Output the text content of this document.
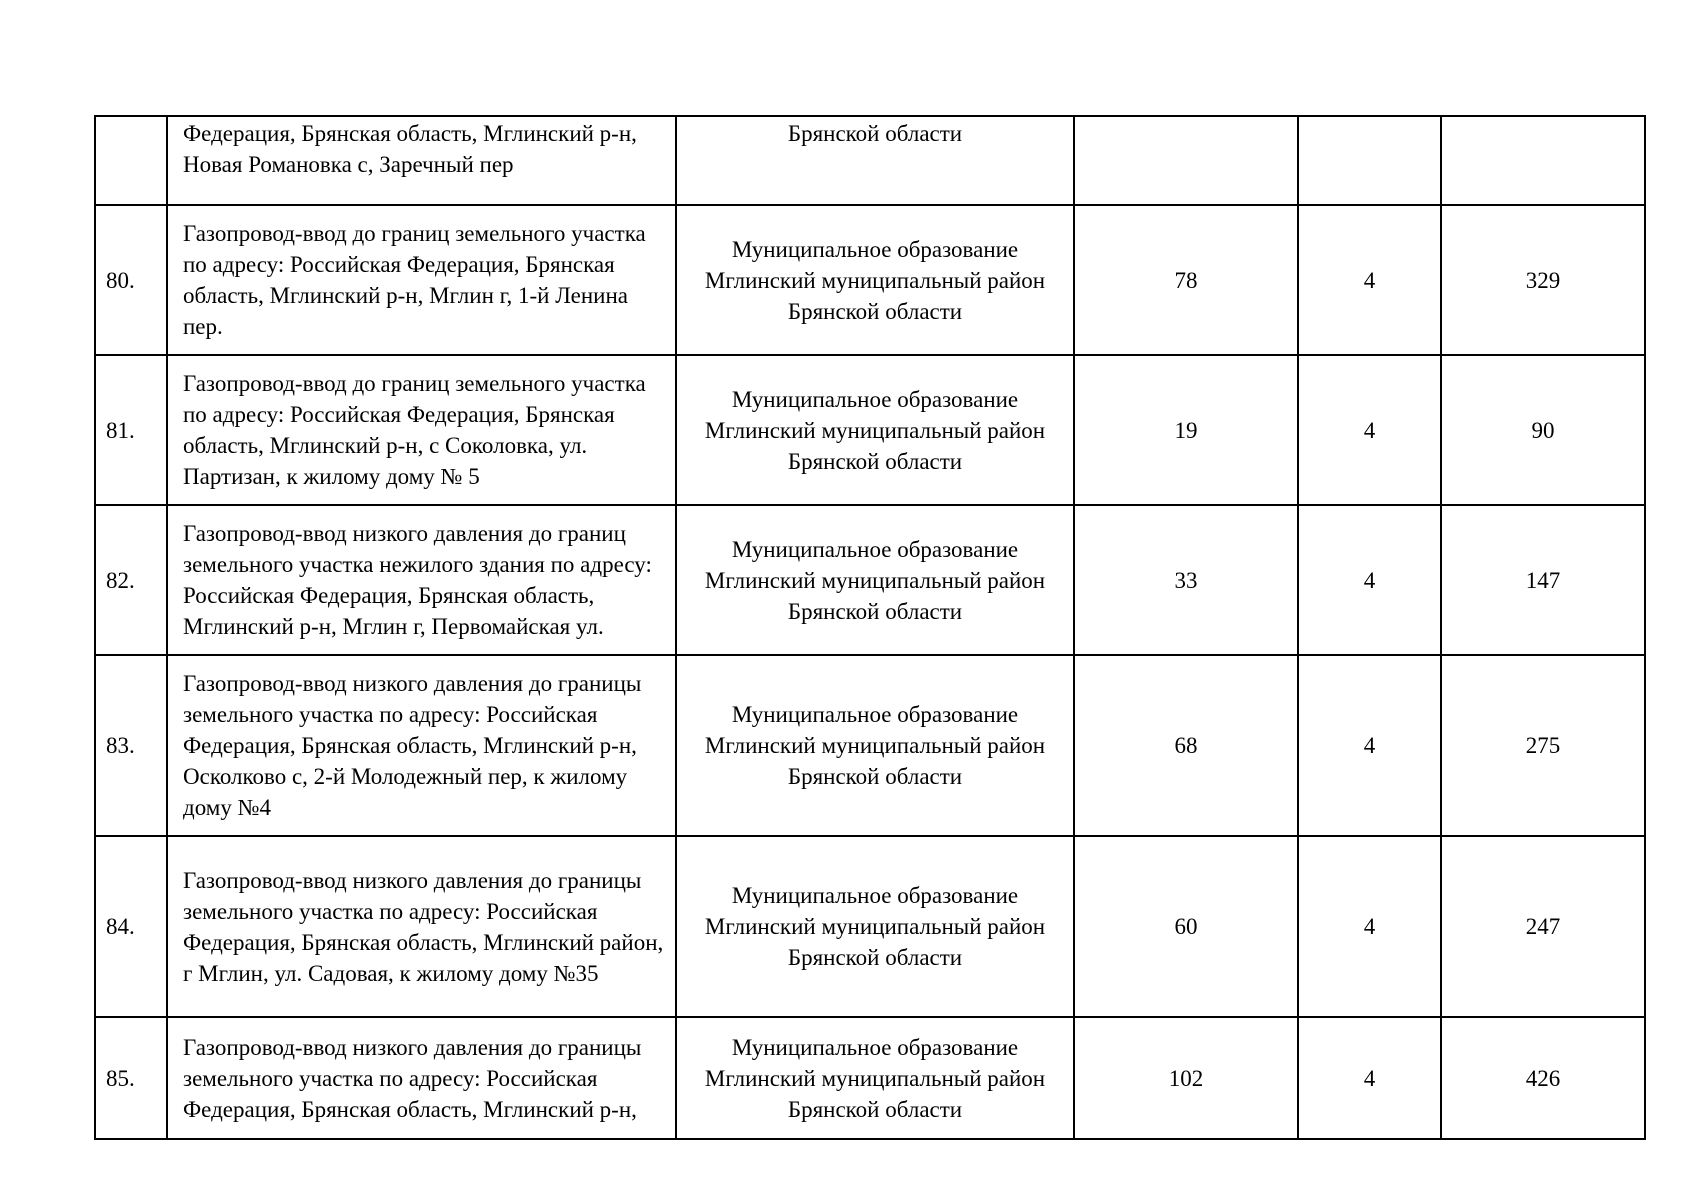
	Федерация, Брянская область, Мглинский р-н, Новая Романовка с, Заречный пер	Брянской области			

80.	Газопровод-ввод до границ земельного участка по адресу: Российская Федерация, Брянская область, Мглинский р-н, Мглин г, 1-й Ленина пер.	Муниципальное образование
Мглинский муниципальный район
Брянской области	78	4	329
81.	Газопровод-ввод до границ земельного участка по адресу: Российская Федерация, Брянская область, Мглинский р-н, с Соколовка, ул. Партизан, к жилому дому № 5	Муниципальное образование
Мглинский муниципальный район
Брянской области	19	4	90
82.	Газопровод-ввод низкого давления до границ земельного участка нежилого здания по адресу: Российская Федерация, Брянская область, Мглинский р-н, Мглин г, Первомайская ул.	Муниципальное образование
Мглинский муниципальный район
Брянской области	33	4	147
83.	Газопровод-ввод низкого давления до границы земельного участка по адресу: Российская Федерация, Брянская область, Мглинский р-н, Осколково с, 2-й Молодежный пер, к жилому дому №4	Муниципальное образование
Мглинский муниципальный район
Брянской области	68	4	275
84.	Газопровод-ввод низкого давления до границы земельного участка по адресу: Российская Федерация, Брянская область, Мглинский район, г Мглин, ул. Садовая, к жилому дому №35	Муниципальное образование
Мглинский муниципальный район
Брянской области	60	4	247
85.	Газопровод-ввод низкого давления до границы земельного участка по адресу: Российская Федерация, Брянская область, Мглинский р-н,	Муниципальное образование
Мглинский муниципальный район
Брянской области	102	4	426
